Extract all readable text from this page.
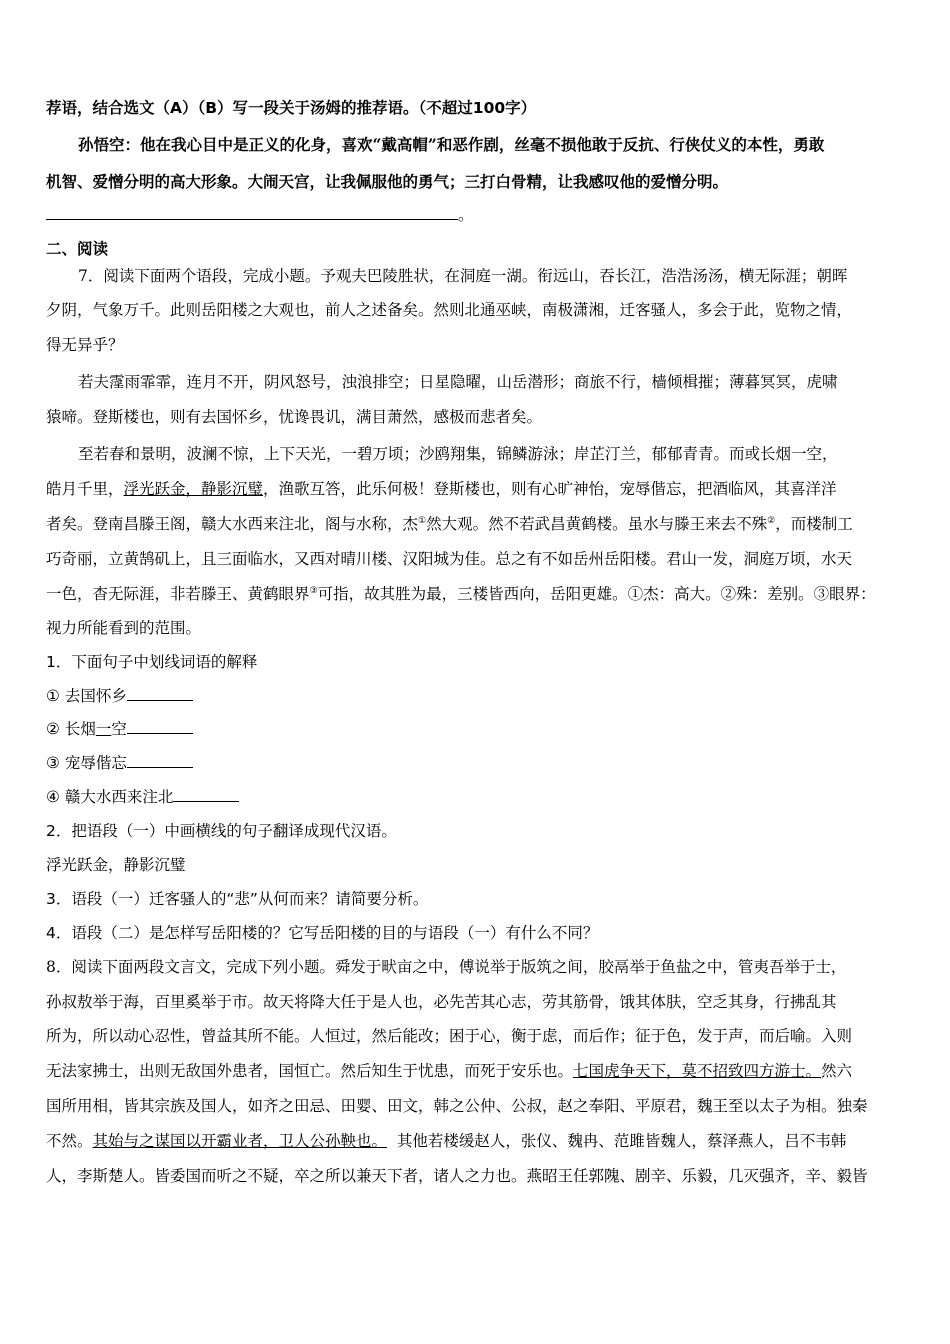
荐语，结合选文（A）（B）写一段关于汤姆的推荐语。（不超过100字）
孙悟空：他在我心目中是正义的化身，喜欢“戴高帽”和恶作剧，丝毫不损他敢于反抗、行侠仗义的本性，勇敢
机智、爱憎分明的高大形象。大闹天宫，让我佩服他的勇气；三打白骨精，让我感叹他的爱憎分明。
。
二、阅读
7．阅读下面两个语段，完成小题。予观夫巴陵胜状，在洞庭一湖。衔远山，吞长江，浩浩汤汤，横无际涯；朝晖
夕阴，气象万千。此则岳阳楼之大观也，前人之述备矣。然则北通巫峡，南极潇湘，迁客骚人，多会于此，览物之情，
得无异乎？
若夫霪雨霏霏，连月不开，阴风怒号，浊浪排空；日星隐曜，山岳潜形；商旅不行，樯倾楫摧；薄暮冥冥，虎啸
猿啼。登斯楼也，则有去国怀乡，忧谗畏讥，满目萧然，感极而悲者矣。
至若春和景明，波澜不惊，上下天光，一碧万顷；沙鸥翔集，锦鳞游泳；岸芷汀兰，郁郁青青。而或长烟一空，
皓月千里，浮光跃金，静影沉璧，渔歌互答，此乐何极！登斯楼也，则有心旷神怡，宠辱偕忘，把酒临风，其喜洋洋
者矣。登南昌滕王阁，赣大水西来注北，阁与水称，杰①然大观。然不若武昌黄鹤楼。虽水与滕王来去不殊②，而楼制工
巧奇丽，立黄鹄矶上，且三面临水，又西对晴川楼、汉阳城为佳。总之有不如岳州岳阳楼。君山一发，洞庭万顷，水天
一色，杳无际涯，非若滕王、黄鹤眼界③可指，故其胜为最，三楼皆西向，岳阳更雄。①杰：高大。②殊：差别。③眼界：
视力所能看到的范围。
1．下面句子中划线词语的解释
① 去国怀乡
② 长烟一空
③ 宠辱偕忘
④ 赣大水西来注北
2．把语段（一）中画横线的句子翻译成现代汉语。
浮光跃金，静影沉璧
3．语段（一）迁客骚人的“悲”从何而来？请简要分析。
4．语段（二）是怎样写岳阳楼的？它写岳阳楼的目的与语段（一）有什么不同？
8．阅读下面两段文言文，完成下列小题。舜发于畎亩之中，傅说举于版筑之间，胶鬲举于鱼盐之中，管夷吾举于士，
孙叔敖举于海，百里奚举于市。故天将降大任于是人也，必先苦其心志，劳其筋骨，饿其体肤，空乏其身，行拂乱其
所为，所以动心忍性，曾益其所不能。人恒过，然后能改；困于心，衡于虑，而后作；征于色，发于声，而后喻。入则
无法家拂士，出则无敌国外患者，国恒亡。然后知生于忧患，而死于安乐也。七国虎争天下，莫不招致四方游士。然六
国所用相，皆其宗族及国人，如齐之田忌、田婴、田文，韩之公仲、公叔，赵之奉阳、平原君，魏王至以太子为相。独秦
不然。其始与之谋国以开霸业者，卫人公孙鞅也。  其他若楼缓赵人，张仪、魏冉、范雎皆魏人，蔡泽燕人，吕不韦韩
人，李斯楚人。皆委国而听之不疑，卒之所以兼天下者，诸人之力也。燕昭王任郭隗、剧辛、乐毅，几灭强齐，辛、毅皆
